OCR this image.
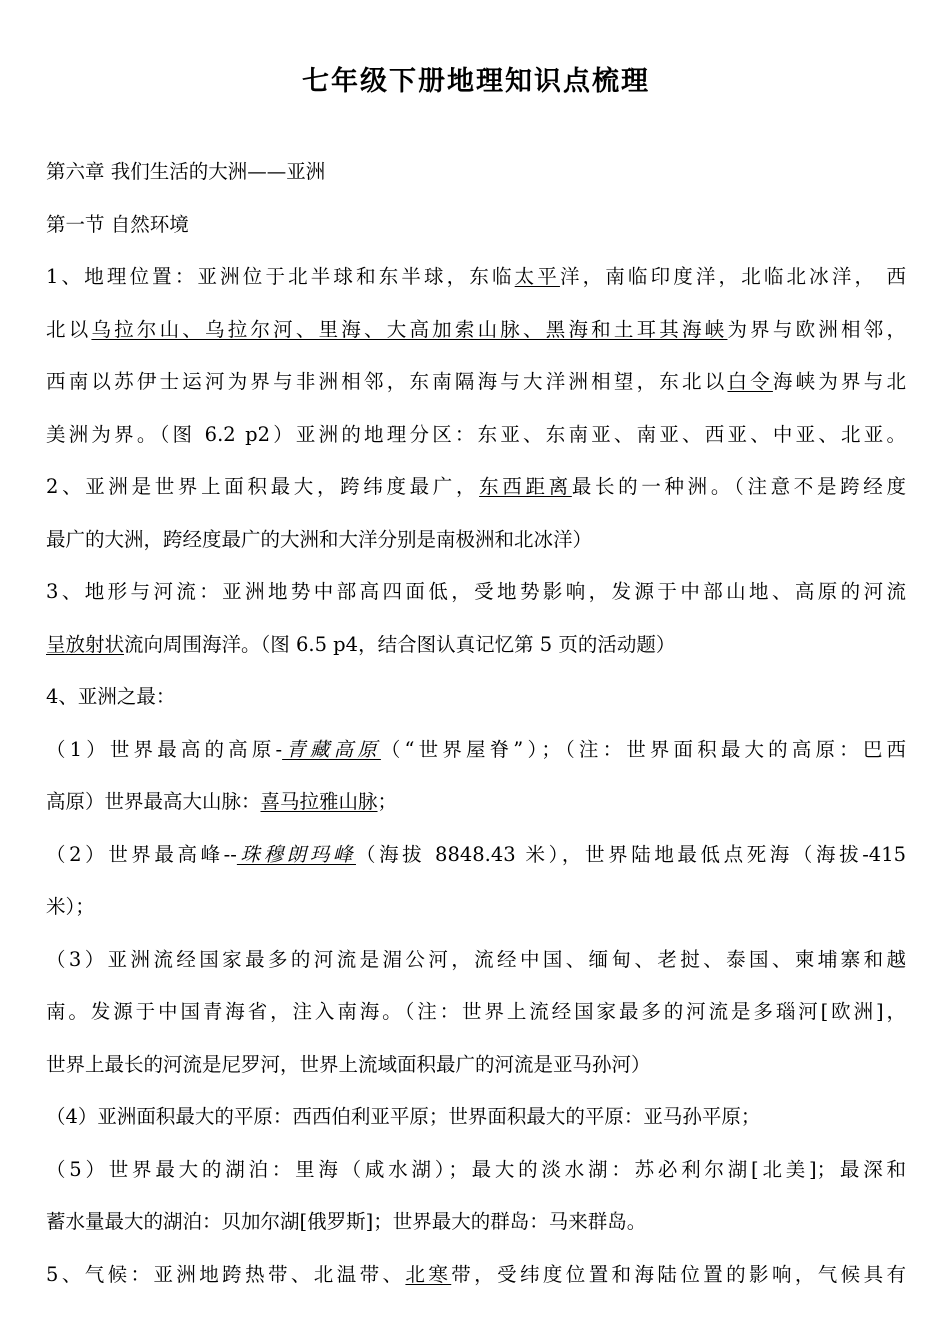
七年级下册地理知识点梳理
第六章 我们生活的大洲——亚洲
第一节 自然环境
1、地理位置：亚洲位于北半球和东半球，东临太平洋，南临印度洋，北临北冰洋， 西
北以乌拉尔山、乌拉尔河、里海、大高加索山脉、黑海和土耳其海峡为界与欧洲相邻，
西南以苏伊士运河为界与非洲相邻，东南隔海与大洋洲相望，东北以白令海峡为界与北
美洲为界。（图 6.2 p2）亚洲的地理分区：东亚、东南亚、南亚、西亚、中亚、北亚。
2、亚洲是世界上面积最大，跨纬度最广，东西距离最长的一种洲。（注意不是跨经度
最广的大洲，跨经度最广的大洲和大洋分别是南极洲和北冰洋）
3、地形与河流：亚洲地势中部高四面低，受地势影响，发源于中部山地、高原的河流
呈放射状流向周围海洋。（图 6.5 p4，结合图认真记忆第 5 页的活动题）
4、亚洲之最：
（1）世界最高的高原-青藏高原（“世界屋脊”）；（注：世界面积最大的高原：巴西
高原）世界最高大山脉：喜马拉雅山脉；
（2）世界最高峰--珠穆朗玛峰（海拔 8848.43 米），世界陆地最低点死海（海拔-415
米）；
（3）亚洲流经国家最多的河流是湄公河，流经中国、缅甸、老挝、泰国、柬埔寨和越
南。发源于中国青海省，注入南海。（注：世界上流经国家最多的河流是多瑙河[欧洲]，
世界上最长的河流是尼罗河，世界上流域面积最广的河流是亚马孙河）
（4）亚洲面积最大的平原：西西伯利亚平原；世界面积最大的平原：亚马孙平原；
（5）世界最大的湖泊：里海（咸水湖）；最大的淡水湖：苏必利尔湖[北美]；最深和
蓄水量最大的湖泊：贝加尔湖[俄罗斯]；世界最大的群岛：马来群岛。
5、气候：亚洲地跨热带、北温带、北寒带，受纬度位置和海陆位置的影响，气候具有
